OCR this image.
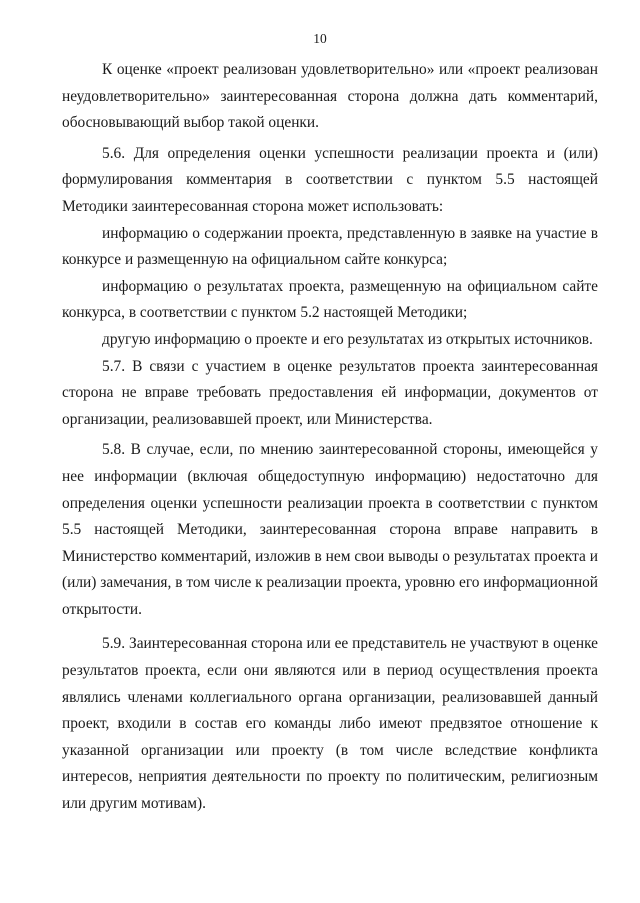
10

К оценке «проект реализован удовлетворительно» или «проект реализован неудовлетворительно» заинтересованная сторона должна дать комментарий, обосновывающий выбор такой оценки.

5.6. Для определения оценки успешности реализации проекта и (или) формулирования комментария в соответствии с пунктом 5.5 настоящей Методики заинтересованная сторона может использовать:

информацию о содержании проекта, представленную в заявке на участие в конкурсе и размещенную на официальном сайте конкурса;

информацию о результатах проекта, размещенную на официальном сайте конкурса, в соответствии с пунктом 5.2 настоящей Методики;

другую информацию о проекте и его результатах из открытых источников.

5.7. В связи с участием в оценке результатов проекта заинтересованная сторона не вправе требовать предоставления ей информации, документов от организации, реализовавшей проект, или Министерства.

5.8. В случае, если, по мнению заинтересованной стороны, имеющейся у нее информации (включая общедоступную информацию) недостаточно для определения оценки успешности реализации проекта в соответствии с пунктом 5.5 настоящей Методики, заинтересованная сторона вправе направить в Министерство комментарий, изложив в нем свои выводы о результатах проекта и (или) замечания, в том числе к реализации проекта, уровню его информационной открытости.

5.9. Заинтересованная сторона или ее представитель не участвуют в оценке результатов проекта, если они являются или в период осуществления проекта являлись членами коллегиального органа организации, реализовавшей данный проект, входили в состав его команды либо имеют предвзятое отношение к указанной организации или проекту (в том числе вследствие конфликта интересов, неприятия деятельности по проекту по политическим, религиозным или другим мотивам).
